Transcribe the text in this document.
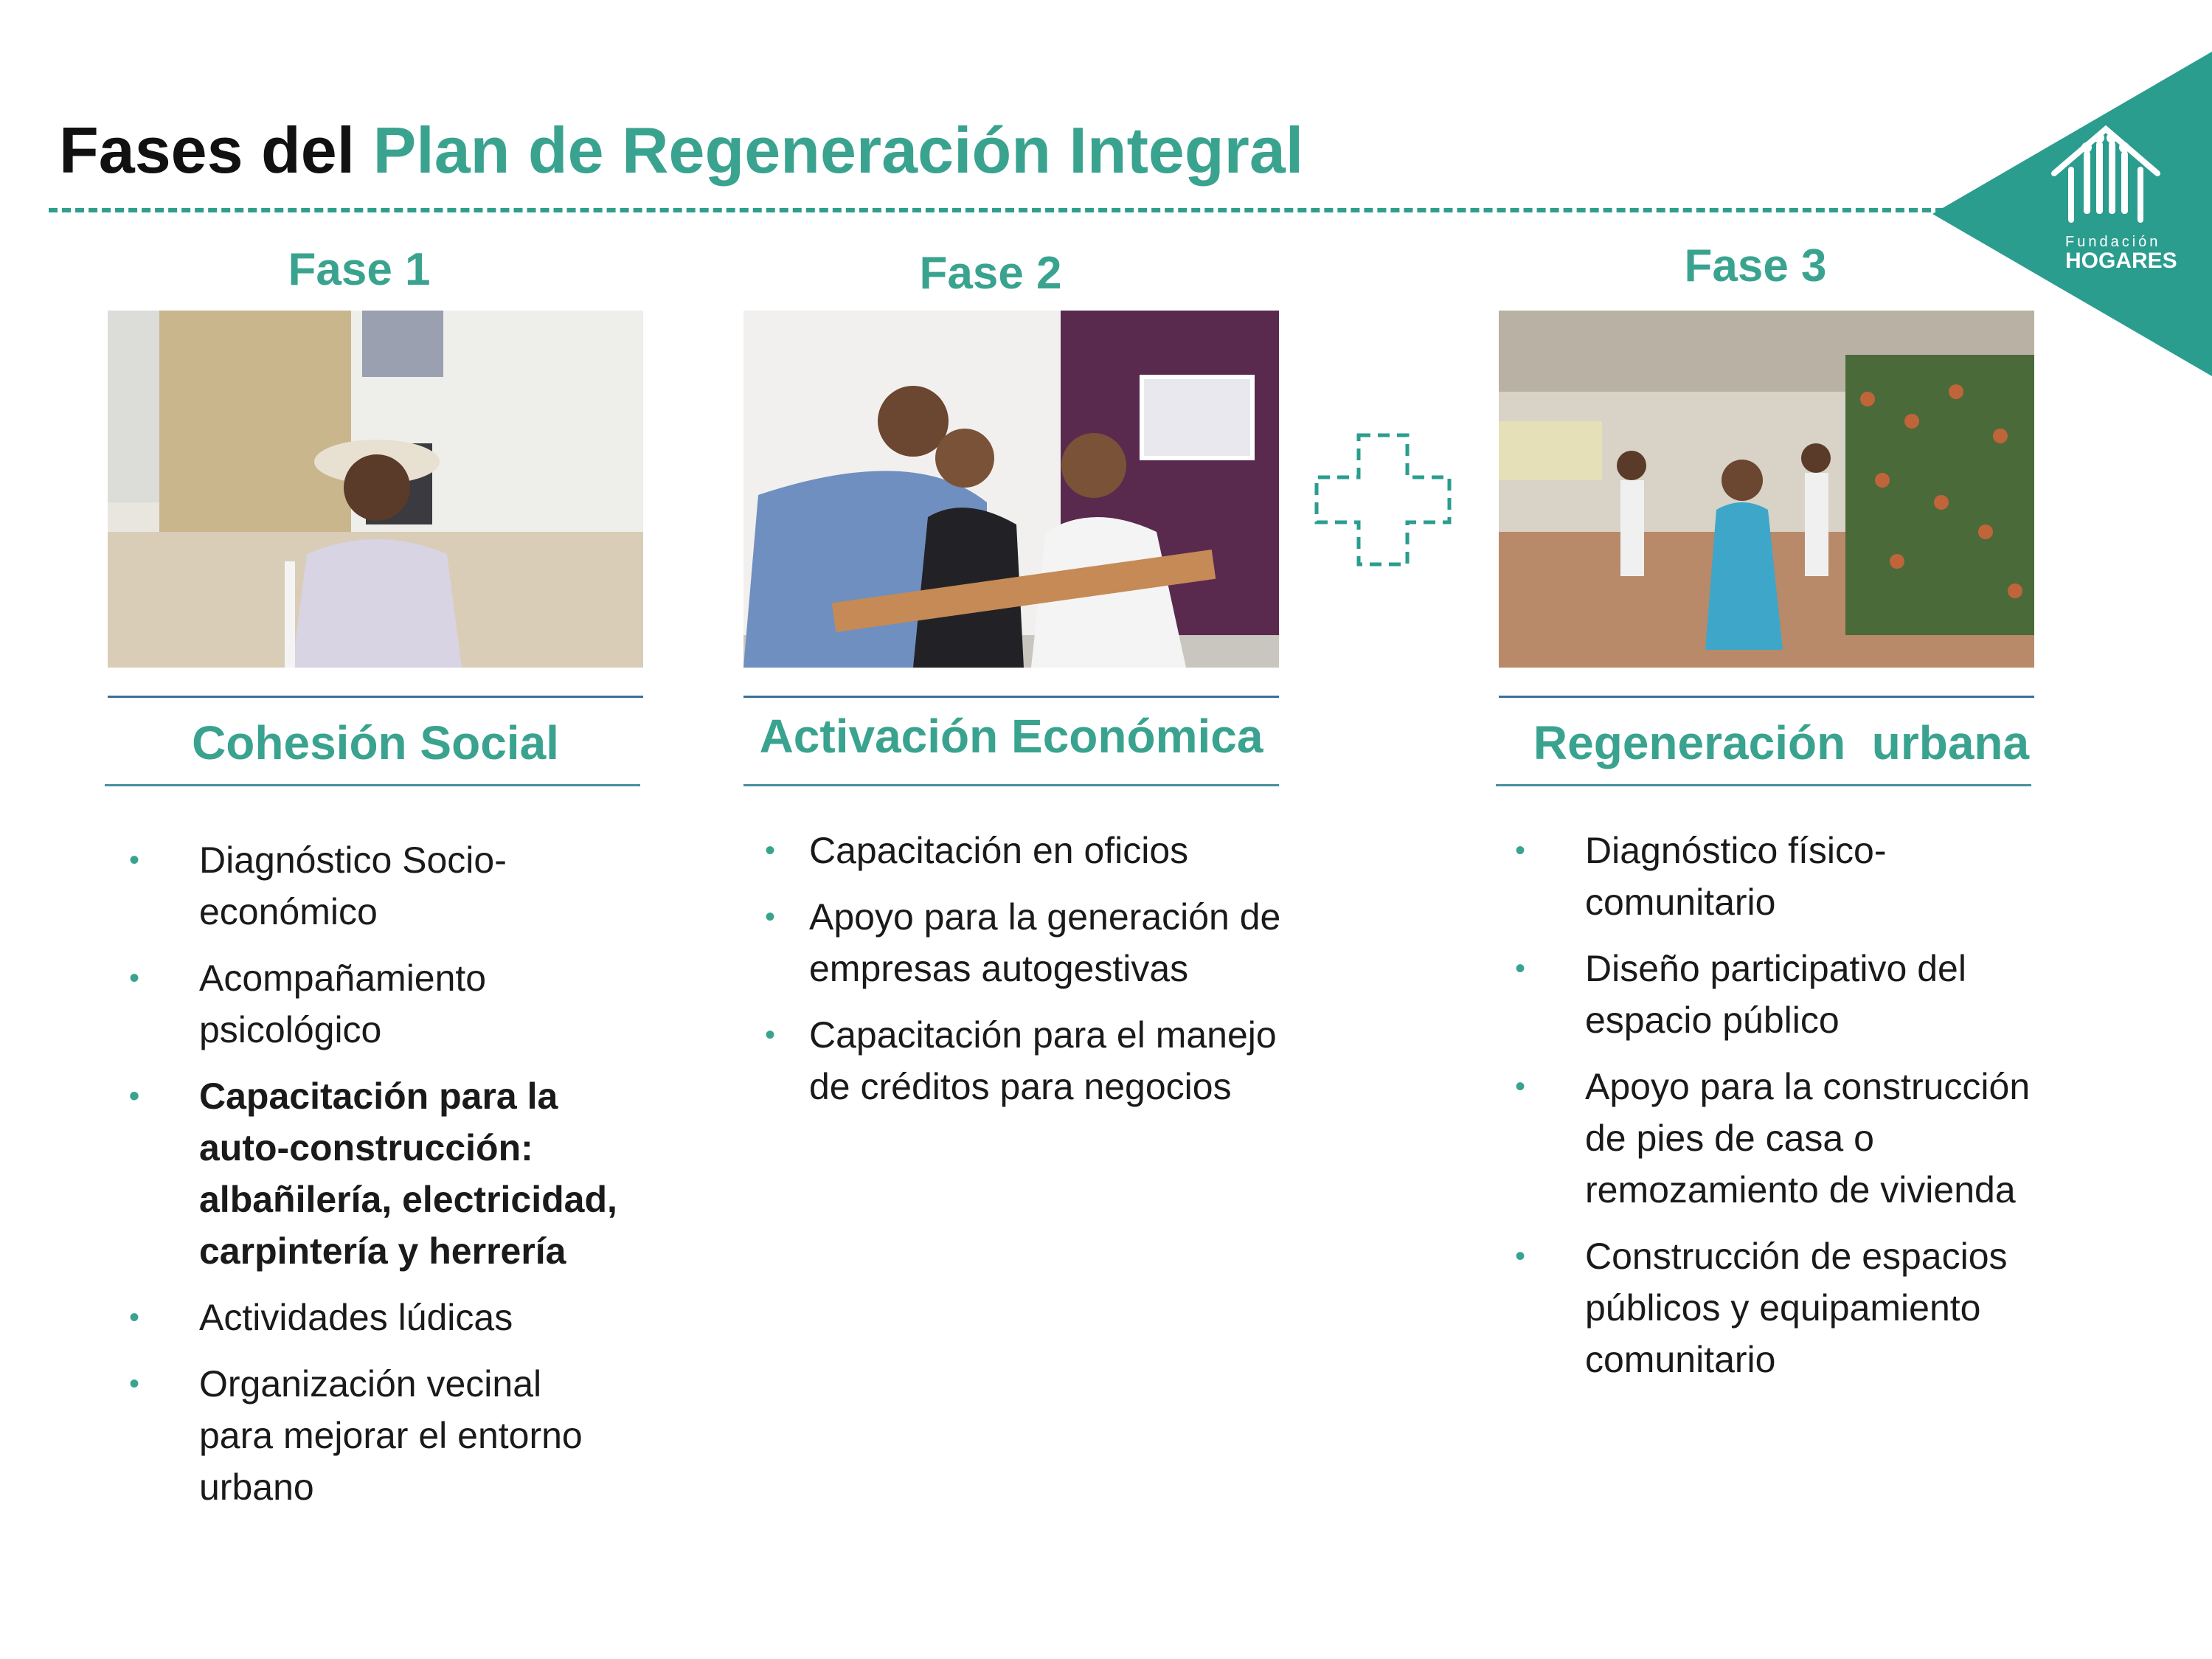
Fases del Plan de Regeneración Integral
Fundación
HOGARES
Fase 1	Fase 2	Fase 3
Cohesión Social	Activación Económica	Regeneración  urbana
• Diagnóstico Socio-económico
• Acompañamiento psicológico
• Capacitación para la auto-construcción: albañilería, electricidad, carpintería y herrería
• Actividades lúdicas
• Organización vecinal para mejorar el entorno urbano
• Capacitación en oficios
• Apoyo para la generación de empresas autogestivas
• Capacitación para el manejo de créditos para negocios
• Diagnóstico físico-comunitario
• Diseño participativo del espacio público
• Apoyo para la construcción de pies de casa o remozamiento de vivienda
• Construcción de espacios públicos y equipamiento comunitario
